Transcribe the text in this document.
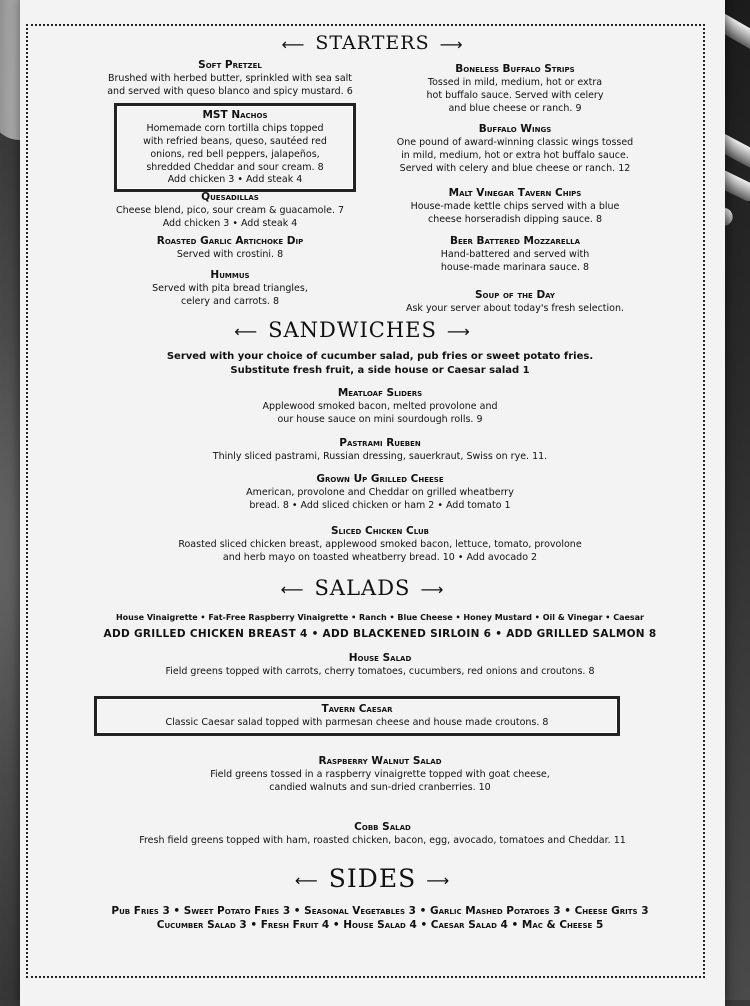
⟵ STARTERS ⟶
Soft Pretzel
Brushed with herbed butter, sprinkled with sea salt
and served with queso blanco and spicy mustard. 6
MST Nachos
Homemade corn tortilla chips topped
with refried beans, queso, sautéed red
onions, red bell peppers, jalapeños,
shredded Cheddar and sour cream. 8
Add chicken 3 • Add steak 4
Quesadillas
Cheese blend, pico, sour cream & guacamole. 7
Add chicken 3 • Add steak 4
Roasted Garlic Artichoke Dip
Served with crostini. 8
Hummus
Served with pita bread triangles,
celery and carrots. 8
Boneless Buffalo Strips
Tossed in mild, medium, hot or extra
hot buffalo sauce. Served with celery
and blue cheese or ranch. 9
Buffalo Wings
One pound of award-winning classic wings tossed
in mild, medium, hot or extra hot buffalo sauce.
Served with celery and blue cheese or ranch. 12
Malt Vinegar Tavern Chips
House-made kettle chips served with a blue
cheese horseradish dipping sauce. 8
Beer Battered Mozzarella
Hand-battered and served with
house-made marinara sauce. 8
Soup of the Day
Ask your server about today's fresh selection.
⟵ SANDWICHES ⟶
Served with your choice of cucumber salad, pub fries or sweet potato fries.
Substitute fresh fruit, a side house or Caesar salad 1
Meatloaf Sliders
Applewood smoked bacon, melted provolone and
our house sauce on mini sourdough rolls. 9
Pastrami Rueben
Thinly sliced pastrami, Russian dressing, sauerkraut, Swiss on rye. 11.
Grown Up Grilled Cheese
American, provolone and Cheddar on grilled wheatberry
bread. 8 • Add sliced chicken or ham 2 • Add tomato 1
Sliced Chicken Club
Roasted sliced chicken breast, applewood smoked bacon, lettuce, tomato, provolone
and herb mayo on toasted wheatberry bread. 10 • Add avocado 2
⟵ SALADS ⟶
House Vinaigrette • Fat-Free Raspberry Vinaigrette • Ranch • Blue Cheese • Honey Mustard • Oil & Vinegar • Caesar
ADD GRILLED CHICKEN BREAST 4 • ADD BLACKENED SIRLOIN 6 • ADD GRILLED SALMON 8
House Salad
Field greens topped with carrots, cherry tomatoes, cucumbers, red onions and croutons. 8
Tavern Caesar
Classic Caesar salad topped with parmesan cheese and house made croutons. 8
Raspberry Walnut Salad
Field greens tossed in a raspberry vinaigrette topped with goat cheese,
candied walnuts and sun-dried cranberries. 10
Cobb Salad
Fresh field greens topped with ham, roasted chicken, bacon, egg, avocado, tomatoes and Cheddar. 11
⟵ SIDES ⟶
Pub Fries 3 • Sweet Potato Fries 3 • Seasonal Vegetables 3 • Garlic Mashed Potatoes 3 • Cheese Grits 3
Cucumber Salad 3 • Fresh Fruit 4 • House Salad 4 • Caesar Salad 4 • Mac & Cheese 5
